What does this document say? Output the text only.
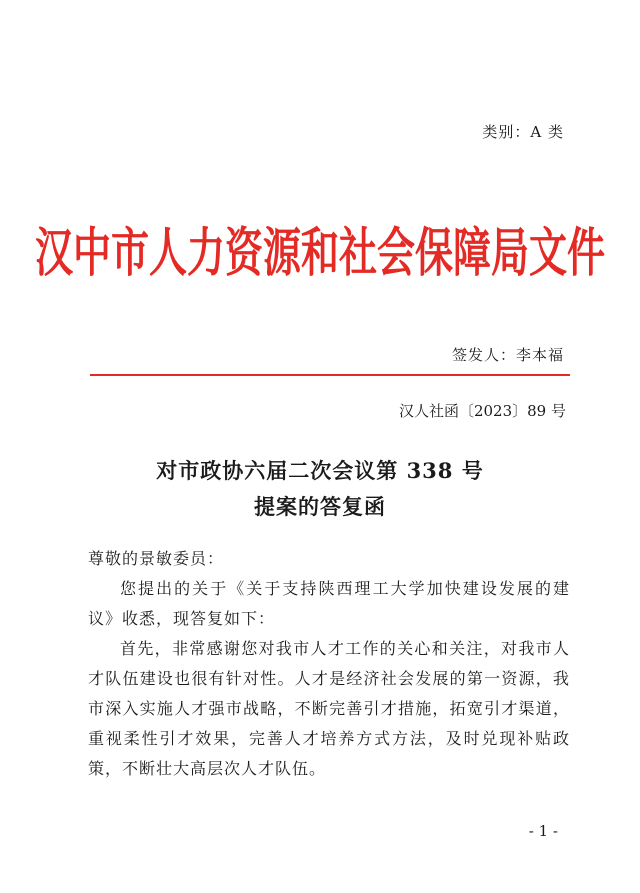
类别：A 类
汉中市人力资源和社会保障局文件
签发人：李本福
汉人社函〔2023〕89 号
对市政协六届二次会议第 338 号
提案的答复函

尊敬的景敏委员：

您提出的关于《关于支持陕西理工大学加快建设发展的建议》收悉，现答复如下：

首先，非常感谢您对我市人才工作的关心和关注，对我市人才队伍建设也很有针对性。人才是经济社会发展的第一资源，我市深入实施人才强市战略，不断完善引才措施，拓宽引才渠道，重视柔性引才效果，完善人才培养方式方法，及时兑现补贴政策，不断壮大高层次人才队伍。

- 1 -
